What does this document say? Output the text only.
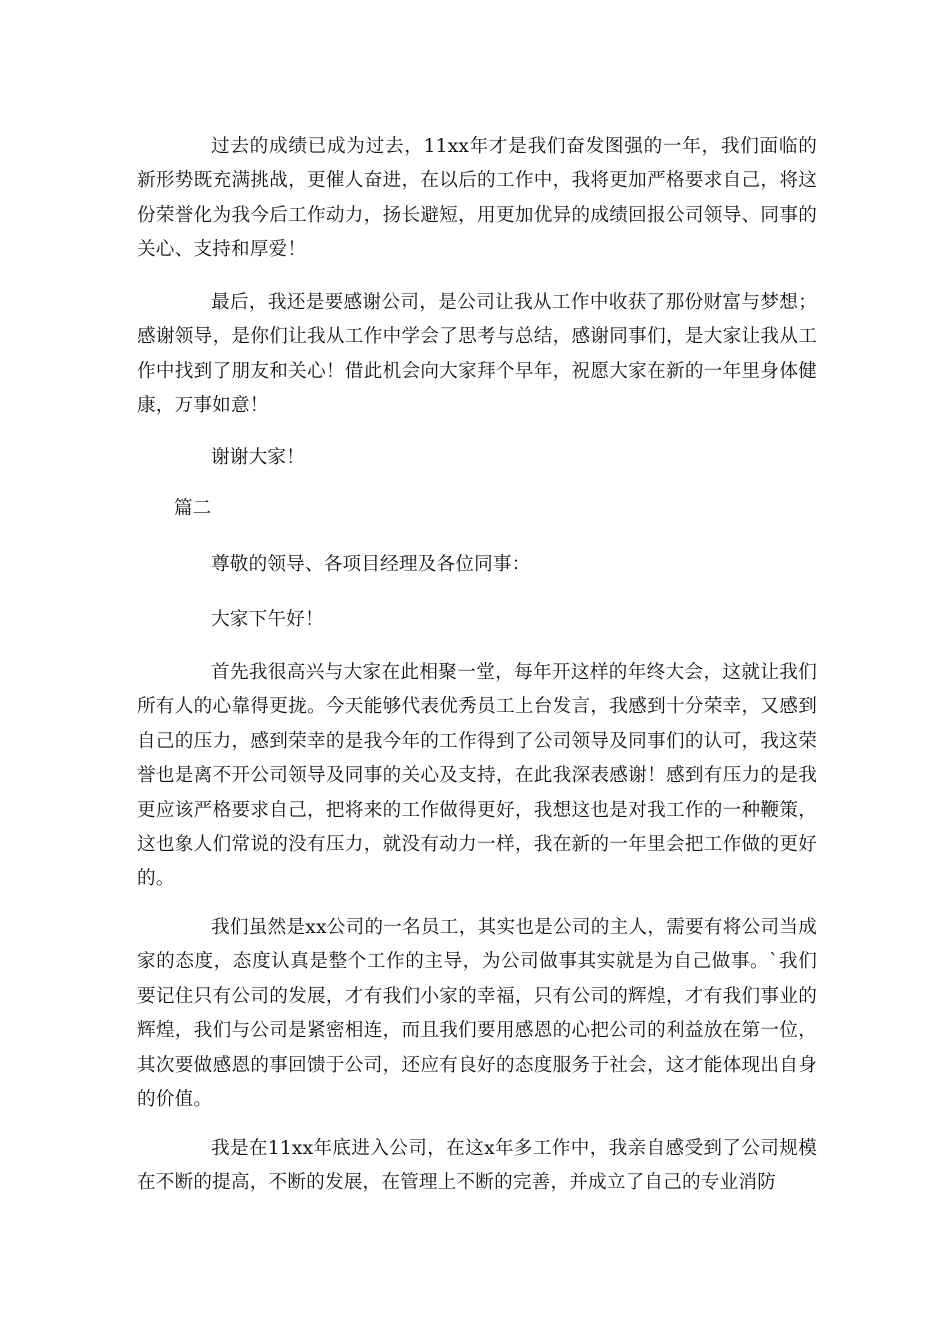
过去的成绩已成为过去，11xx年才是我们奋发图强的一年，我们面临的新形势既充满挑战，更催人奋进，在以后的工作中，我将更加严格要求自己，将这份荣誉化为我今后工作动力，扬长避短，用更加优异的成绩回报公司领导、同事的关心、支持和厚爱！

最后，我还是要感谢公司，是公司让我从工作中收获了那份财富与梦想；感谢领导，是你们让我从工作中学会了思考与总结，感谢同事们，是大家让我从工作中找到了朋友和关心！借此机会向大家拜个早年，祝愿大家在新的一年里身体健康，万事如意！

谢谢大家！

篇二

尊敬的领导、各项目经理及各位同事：

大家下午好！

首先我很高兴与大家在此相聚一堂，每年开这样的年终大会，这就让我们所有人的心靠得更拢。今天能够代表优秀员工上台发言，我感到十分荣幸，又感到自己的压力，感到荣幸的是我今年的工作得到了公司领导及同事们的认可，我这荣誉也是离不开公司领导及同事的关心及支持，在此我深表感谢！感到有压力的是我更应该严格要求自己，把将来的工作做得更好，我想这也是对我工作的一种鞭策，这也象人们常说的没有压力，就没有动力一样，我在新的一年里会把工作做的更好的。

我们虽然是xx公司的一名员工，其实也是公司的主人，需要有将公司当成家的态度，态度认真是整个工作的主导，为公司做事其实就是为自己做事。`我们要记住只有公司的发展，才有我们小家的幸福，只有公司的辉煌，才有我们事业的辉煌，我们与公司是紧密相连，而且我们要用感恩的心把公司的利益放在第一位，其次要做感恩的事回馈于公司，还应有良好的态度服务于社会，这才能体现出自身的价值。

我是在11xx年底进入公司，在这x年多工作中，我亲自感受到了公司规模在不断的提高，不断的发展，在管理上不断的完善，并成立了自己的专业消防
